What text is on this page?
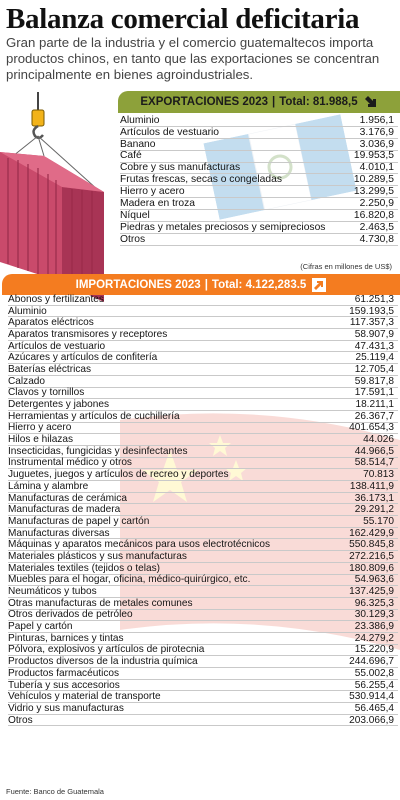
Balanza comercial deficitaria
Gran parte de la industria y el comercio guatemaltecos importa productos chinos, en tanto que las exportaciones se concentran principalmente en bienes agroindustriales.
EXPORTACIONES 2023 | Total: 81.988,5
Aluminio	1.956,1
Artículos de vestuario	3.176,9
Banano	3.036,9
Café	19.953,5
Cobre y sus manufacturas	4.010,1
Frutas frescas, secas o congeladas	10.289,5
Hierro y acero	13.299,5
Madera en troza	2.250,9
Níquel	16.820,8
Piedras y metales preciosos y semipreciosos	2.463,5
Otros	4.730,8
(Cifras en millones de US$)
IMPORTACIONES 2023 | Total: 4.122,283.5
Abonos y fertilizantes	61.251,3
Aluminio	159.193,5
Aparatos eléctricos	117.357,3
Aparatos transmisores y receptores	58.907,9
Artículos de vestuario	47.431,3
Azúcares y artículos de confitería	25.119,4
Baterías eléctricas	12.705,4
Calzado	59.817,8
Clavos y tornillos	17.591,1
Detergentes y jabones	18.211,1
Herramientas y artículos de cuchillería	26.367,7
Hierro y acero	401.654,3
Hilos e hilazas	44.026
Insecticidas, fungicidas y desinfectantes	44.966,5
Instrumental médico y otros	58.514,7
Juguetes, juegos y artículos de recreo y deportes	70.813
Lámina y alambre	138.411,9
Manufacturas de cerámica	36.173,1
Manufacturas de madera	29.291,2
Manufacturas de papel y cartón	55.170
Manufacturas diversas	162.429,9
Máquinas y aparatos mecánicos para usos electrotécnicos	550.845,8
Materiales plásticos y sus manufacturas	272.216,5
Materiales textiles (tejidos o telas)	180.809,6
Muebles para el hogar, oficina, médico-quirúrgico, etc.	54.963,6
Neumáticos y tubos	137.425,9
Otras manufacturas de metales comunes	96.325,3
Otros derivados de petróleo	30.129,3
Papel y cartón	23.386,9
Pinturas, barnices y tintas	24.279,2
Pólvora, explosivos y artículos de pirotecnia	15.220,9
Productos diversos de la industria química	244.696,7
Productos farmacéuticos	55.002,8
Tubería y sus accesorios	56.255,4
Vehículos y material de transporte	530.914,4
Vidrio y sus manufacturas	56.465,4
Otros	203.066,9
Fuente: Banco de Guatemala
